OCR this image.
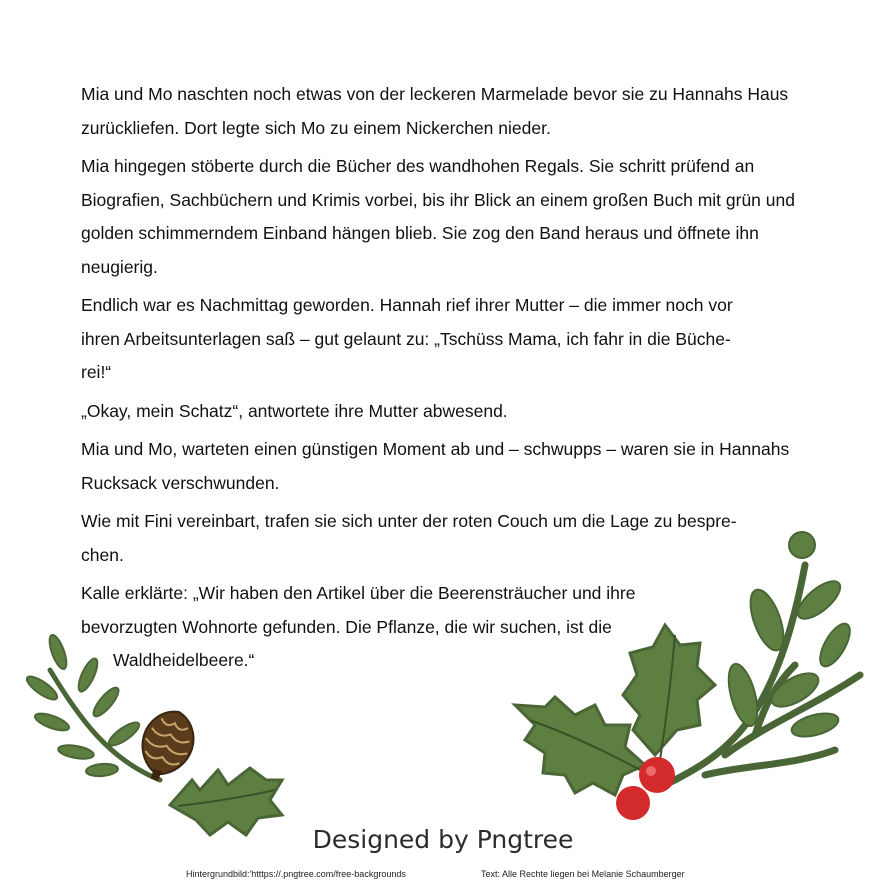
Mia und Mo naschten noch etwas von der leckeren Marmelade bevor sie zu Hannahs Haus zurückliefen. Dort legte sich Mo zu einem Nickerchen nieder.

Mia hingegen stöberte durch die Bücher des wandhohen Regals. Sie schritt prüfend an Biografien, Sachbüchern und Krimis vorbei, bis ihr Blick an einem großen Buch mit grün und golden schimmerndem Einband hängen blieb. Sie zog den Band heraus und öffnete ihn neugierig.

Endlich war es Nachmittag geworden. Hannah rief ihrer Mutter – die immer noch vor
ihren Arbeitsunterlagen saß – gut gelaunt zu: „Tschüss Mama, ich fahr in die Büche-
rei!“

„Okay, mein Schatz“, antwortete ihre Mutter abwesend.

Mia und Mo, warteten einen günstigen Moment ab und – schwupps – waren sie in Hannahs Rucksack verschwunden.

Wie mit Fini vereinbart, trafen sie sich unter der roten Couch um die Lage zu bespre-
chen.

Kalle erklärte: „Wir haben den Artikel über die Beerensträucher und ihre
bevorzugten Wohnorte gefunden. Die Pflanze, die wir suchen, ist die
Waldheidelbeere.“

Designed by Pngtree
Hintergrundbild:'htttps://.pngtree.com/free-backgrounds	Text: Alle Rechte liegen bei Melanie Schaumberger
